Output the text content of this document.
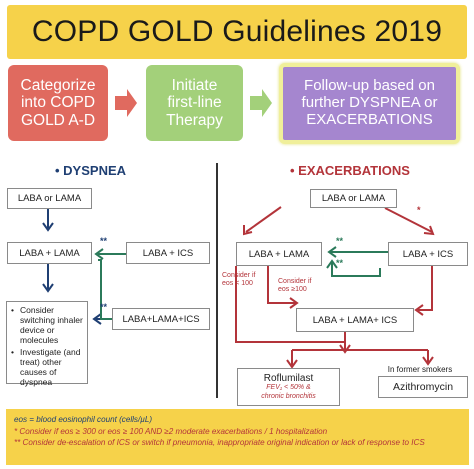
COPD GOLD Guidelines 2019
Categorize
into COPD
GOLD A-D
Initiate
first-line
Therapy
Follow-up based on
further DYSPNEA or
EXACERBATIONS
• DYSPNEA	• EXACERBATIONS
LABA or LAMA
LABA + LAMA	LABA + ICS
LABA+LAMA+ICS
**
**
• Consider switching inhaler device or molecules
• Investigate (and treat) other causes of dyspnea
LABA or LAMA
LABA + LAMA	LABA + ICS
LABA + LAMA+ ICS
Roflumilast
FEV₁ < 50% &
chronic bronchitis
In former smokers
Azithromycin
Consider if
eos < 100	Consider if
eos ≥100
**
**
*
eos = blood eosinophil count (cells/µL)
* Consider if eos ≥ 300 or eos ≥ 100 AND ≥2 moderate exacerbations / 1 hospitalization
** Consider de-escalation of ICS or switch if pneumonia, inappropriate original indication or lack of response to ICS
